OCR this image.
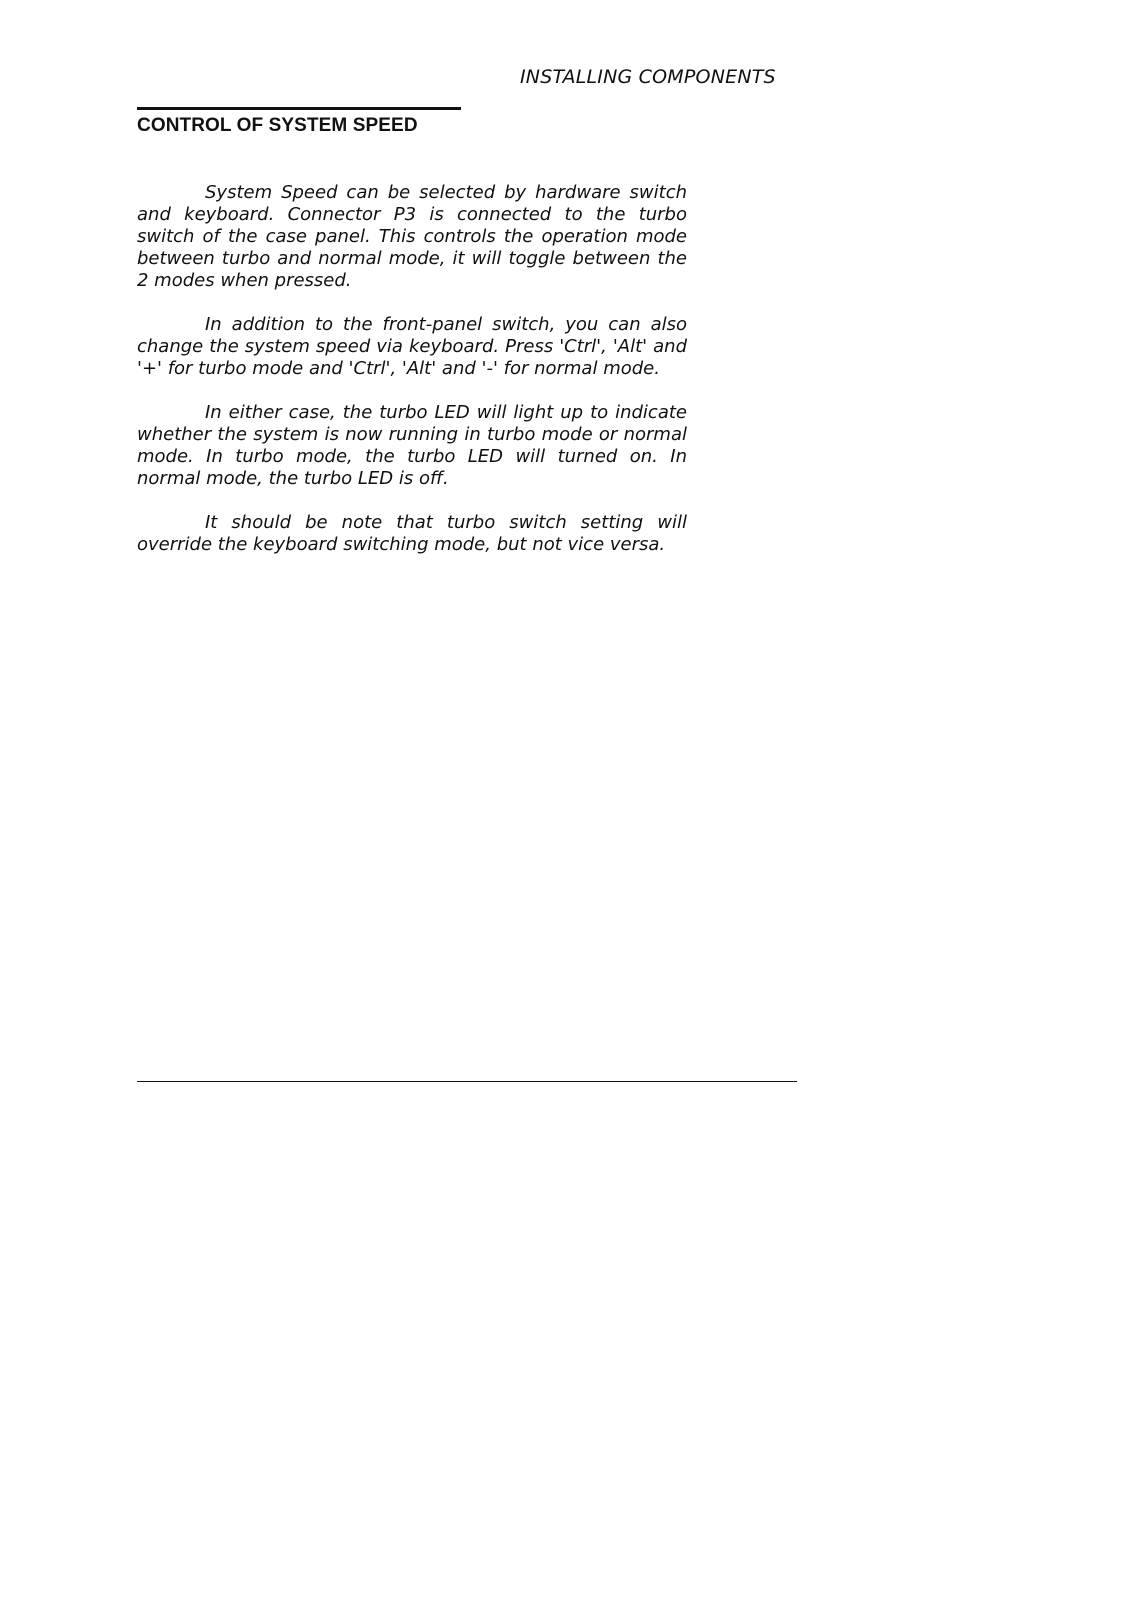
INSTALLING COMPONENTS
CONTROL OF SYSTEM SPEED

System Speed can be selected by hardware switch and keyboard. Connector P3 is connected to the turbo switch of the case panel. This controls the operation mode between turbo and normal mode, it will toggle between the 2 modes when pressed.

In addition to the front-panel switch, you can also change the system speed via keyboard. Press 'Ctrl', 'Alt' and '+' for turbo mode and 'Ctrl', 'Alt' and '-' for normal mode.

In either case, the turbo LED will light up to indicate whether the system is now running in turbo mode or normal mode. In turbo mode, the turbo LED will turned on. In normal mode, the turbo LED is off.

It should be note that turbo switch setting will override the keyboard switching mode, but not vice versa.
